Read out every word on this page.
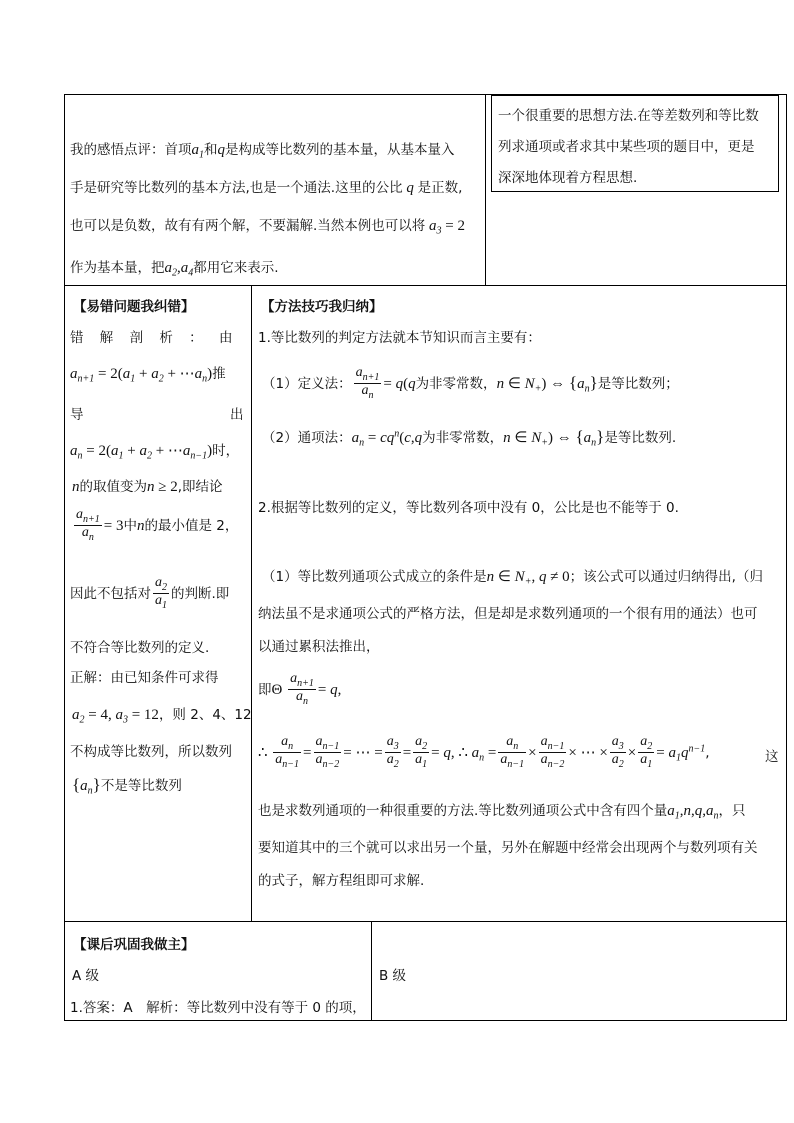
一个很重要的思想方法.在等差数列和等比数
列求通项或者求其中某些项的题目中，更是
深深地体现着方程思想.
我的感悟点评：首项$a_1$和q是构成等比数列的基本量，从基本量入
手是研究等比数列的基本方法,也是一个通法.这里的公比 q 是正数,
也可以是负数，故有有两个解，不要漏解.当然本例也可以将 $a_3 = 2$
作为基本量，把$a_2,a_4$都用它来表示.
【易错问题我纠错】
错 解 剖 析 ： 由
$a_{n+1} = 2(a_1 + a_2$ + $\cdots a_n$)推
导	出
$a_n = 2(a_1 + a_2$ + $\cdots a_{n-1}$)时，
n的取值变为n ≥ 2,即结论
$\frac{a_{n+1}}{a_n} = 3$中n的最小值是 2，
因此不包括对 $\frac{a_2}{a_1}$ 的判断.即
不符合等比数列的定义.
正解：由已知条件可求得
$a_2 = 4$, $a_3 = 12$，则 2、4、12
不构成等比数列，所以数列
$\{a_n\}$不是等比数列
【方法技巧我归纳】
1.等比数列的判定方法就本节知识而言主要有：
（1）定义法： $\frac{a_{n+1}}{a_n} = q(q$为非零常数，n ∈ $N_+$) ⇔ $\{a_n\}$是等比数列；
（2）通项法：$a_n = cq^n(c,q$为非零常数，n ∈ $N_+$) ⇔ $\{a_n\}$是等比数列.
2.根据等比数列的定义，等比数列各项中没有 0，公比是也不能等于 0.
（1）等比数列通项公式成立的条件是n ∈ $N_+$, q ≠ 0；该公式可以通过归纳得出,（归
纳法虽不是求通项公式的严格方法，但是却是求数列通项的一个很有用的通法）也可
以通过累积法推出，
即Θ $\frac{a_{n+1}}{a_n} = q$,
∴ $\frac{a_n}{a_{n-1}} = \frac{a_{n-1}}{a_{n-2}}$ = ⋯ = $\frac{a_3}{a_2} = \frac{a_2}{a_1} = q$, ∴ $a_n = \frac{a_n}{a_{n-1}} \times \frac{a_{n-1}}{a_{n-2}}$ × ⋯ × $\frac{a_3}{a_2} \times \frac{a_2}{a_1} = a_1q^{n-1}$,	这
也是求数列通项的一种很重要的方法.等比数列通项公式中含有四个量$a_1,n,q,a_n$，只
要知道其中的三个就可以求出另一个量，另外在解题中经常会出现两个与数列项有关
的式子，解方程组即可求解.
【课后巩固我做主】
A 级	B 级
1.答案：A　解析：等比数列中没有等于 0 的项，
